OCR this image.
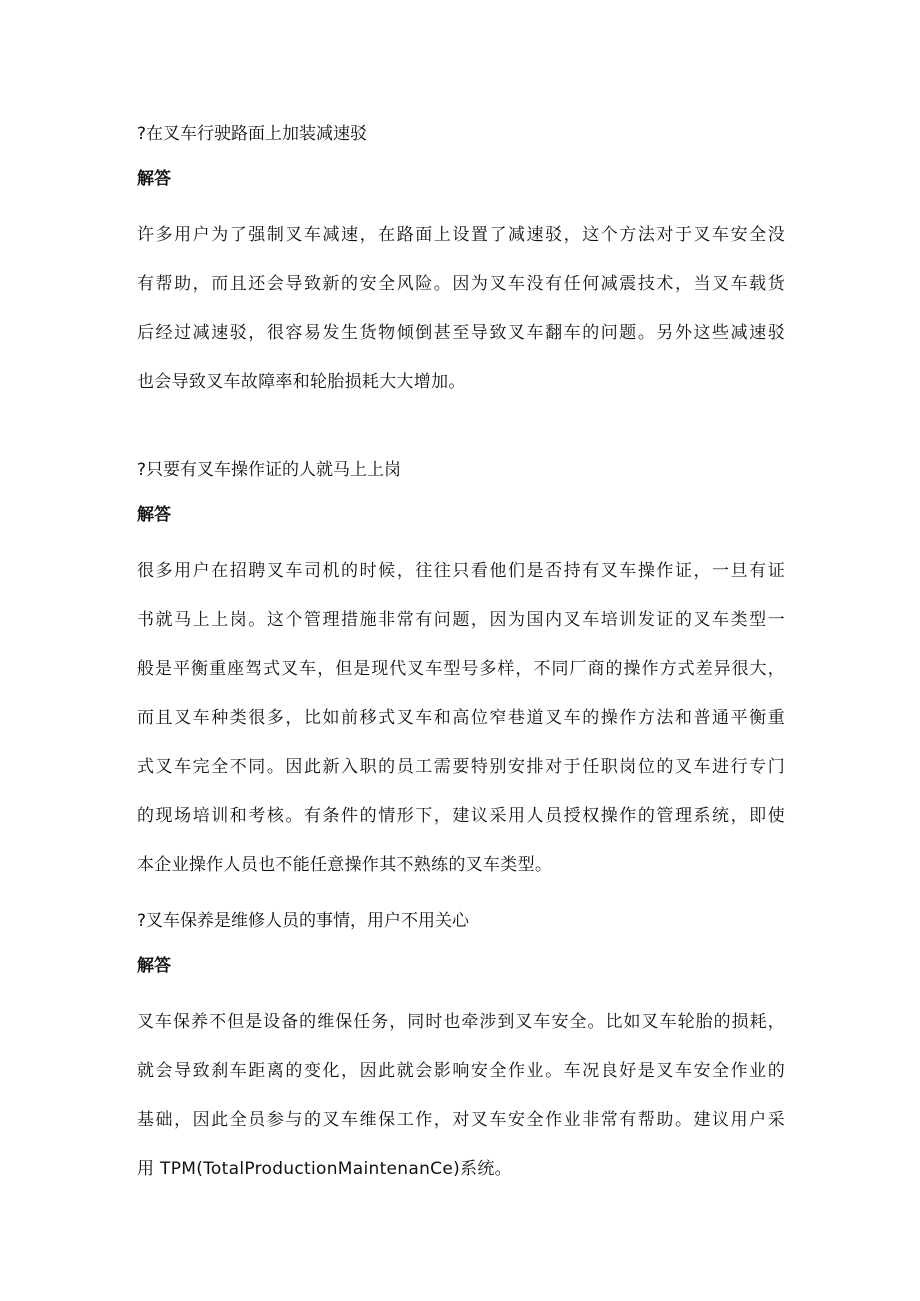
?在叉车行驶路面上加装减速驳
解答

许多用户为了强制叉车减速，在路面上设置了减速驳，这个方法对于叉车安全没
有帮助，而且还会导致新的安全风险。因为叉车没有任何减震技术，当叉车载货
后经过减速驳，很容易发生货物倾倒甚至导致叉车翻车的问题。另外这些减速驳
也会导致叉车故障率和轮胎损耗大大增加。

?只要有叉车操作证的人就马上上岗
解答

很多用户在招聘叉车司机的时候，往往只看他们是否持有叉车操作证，一旦有证
书就马上上岗。这个管理措施非常有问题，因为国内叉车培训发证的叉车类型一
般是平衡重座驾式叉车，但是现代叉车型号多样，不同厂商的操作方式差异很大，
而且叉车种类很多，比如前移式叉车和高位窄巷道叉车的操作方法和普通平衡重
式叉车完全不同。因此新入职的员工需要特别安排对于任职岗位的叉车进行专门
的现场培训和考核。有条件的情形下，建议采用人员授权操作的管理系统，即使
本企业操作人员也不能任意操作其不熟练的叉车类型。

?叉车保养是维修人员的事情，用户不用关心
解答

叉车保养不但是设备的维保任务，同时也牵涉到叉车安全。比如叉车轮胎的损耗，
就会导致刹车距离的变化，因此就会影响安全作业。车况良好是叉车安全作业的
基础，因此全员参与的叉车维保工作，对叉车安全作业非常有帮助。建议用户采
用 TPM(TotalProductionMaintenanCe)系统。
